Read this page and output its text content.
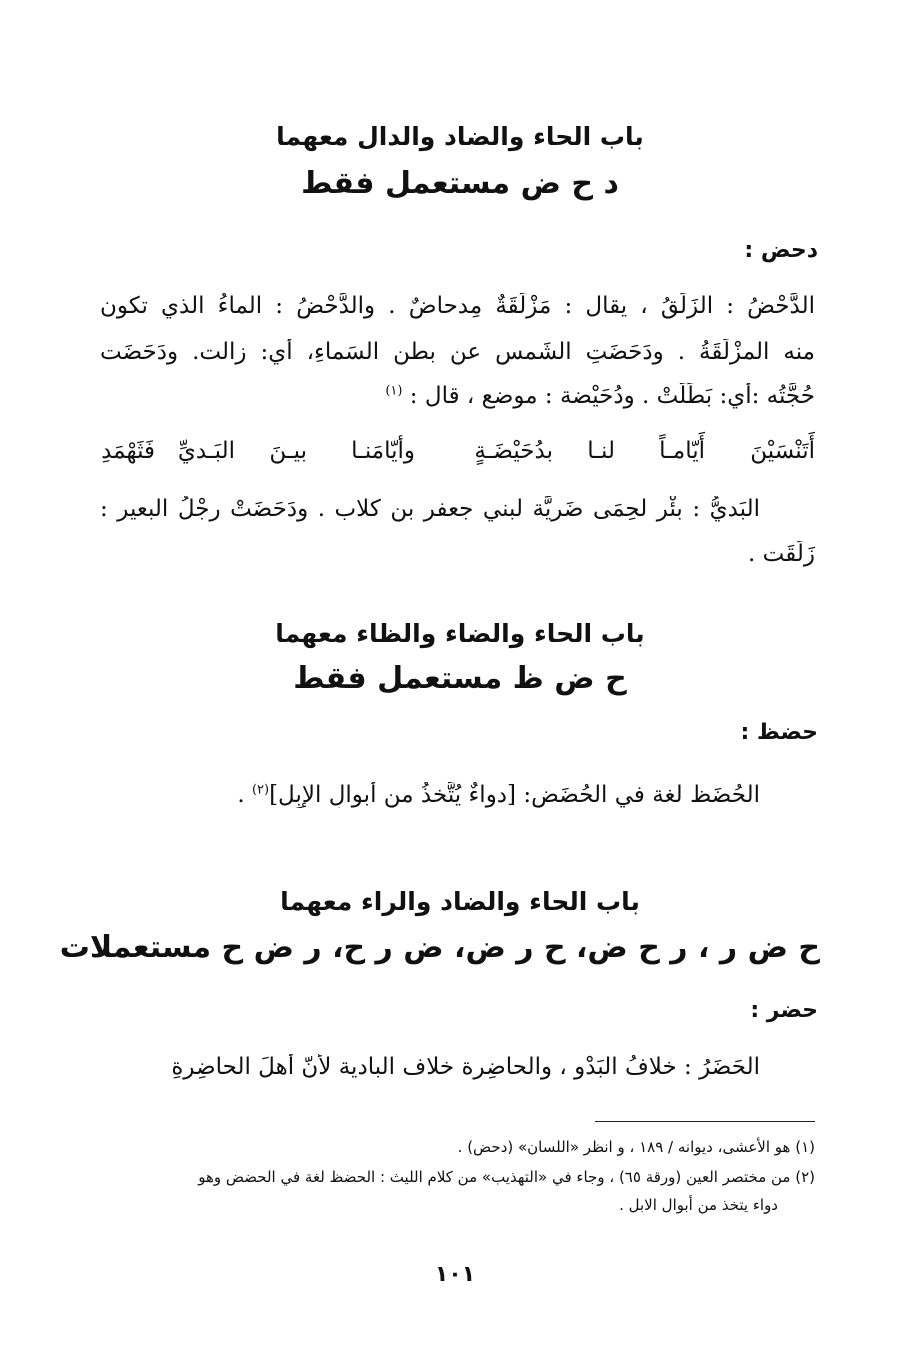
باب الحاء والضاد والدال معهما
د ح ض مستعمل فقط
دحض :
الدَّحْضُ : الزَلَقُ ، يقال : مَزْلَقَةٌ مِدحاضٌ . والدَّحْضُ : الماءُ الذي تكون
منه المزْلَقَةُ . ودَحَضَتِ الشَمس عن بطن السَماءِ، أي: زالت. ودَحَضَت
حُجَّتُه :أي: بَطَلَتْ . ودُحَيْضة : موضع ، قال : $^{(١)}$
أَتَنْسَيْنَ
أَيّامـاً
لنـا
بدُحَيْضَـةٍ
وأيّامَنـا
بيـنَ
البَـديِّ
فَثَهْمَدِ
البَديُّ : بئْر لحِمَى ضَرِيَّة لبني جعفر بن كلاب . ودَحَضَتْ رِجْلُ البعير :
زَلَقَت .
باب الحاء والضاء والظاء معهما
ح ض ظ مستعمل فقط
حضظ :
الحُضَظ لغة في الحُضَض: [دواءٌ يُتَّخذُ من أبوالِ الإبِل]$^{(٢)}$ .
باب الحاء والضاد والراء معهما
ح ض ر ، ر ح ض، ح ر ض، ض ر ح، ر ض ح مستعملات
حضر :
الحَضَرُ : خلافُ البَدْوِ ، والحاضِرة خلاف البادية لأنّ أهلَ الحاضِرةِ
(١) هو الأعشى، ديوانه / ١٨٩ ، و انظر «اللسان» (دحض) .
(٢) من مختصر العين (ورقة ٦٥) ، وجاء في «التهذيب» من كلام الليث : الحضظ لغة في الحضض وهو
دواء يتخذ من أبوال الابل .
١٠١
